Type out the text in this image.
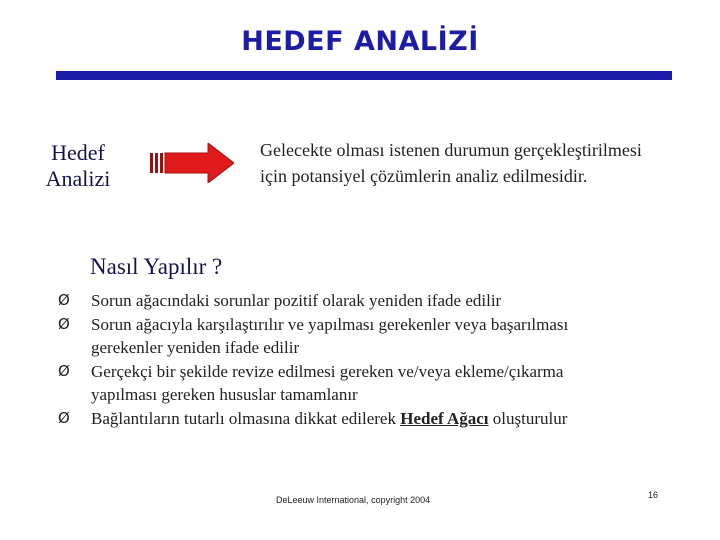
HEDEF ANALİZİ
Hedef
Analizi
Gelecekte olması istenen durumun gerçekleştirilmesi
için potansiyel çözümlerin analiz edilmesidir.
Nasıl Yapılır ?
Ø Sorun ağacındaki sorunlar pozitif olarak yeniden ifade edilir
Ø Sorun ağacıyla karşılaştırılır ve yapılması gerekenler veya başarılması
gerekenler yeniden ifade edilir
Ø Gerçekçi bir şekilde revize edilmesi gereken ve/veya ekleme/çıkarma
yapılması gereken hususlar tamamlanır
Ø Bağlantıların tutarlı olmasına dikkat edilerek Hedef Ağacı oluşturulur
DeLeeuw International, copyright 2004	16
